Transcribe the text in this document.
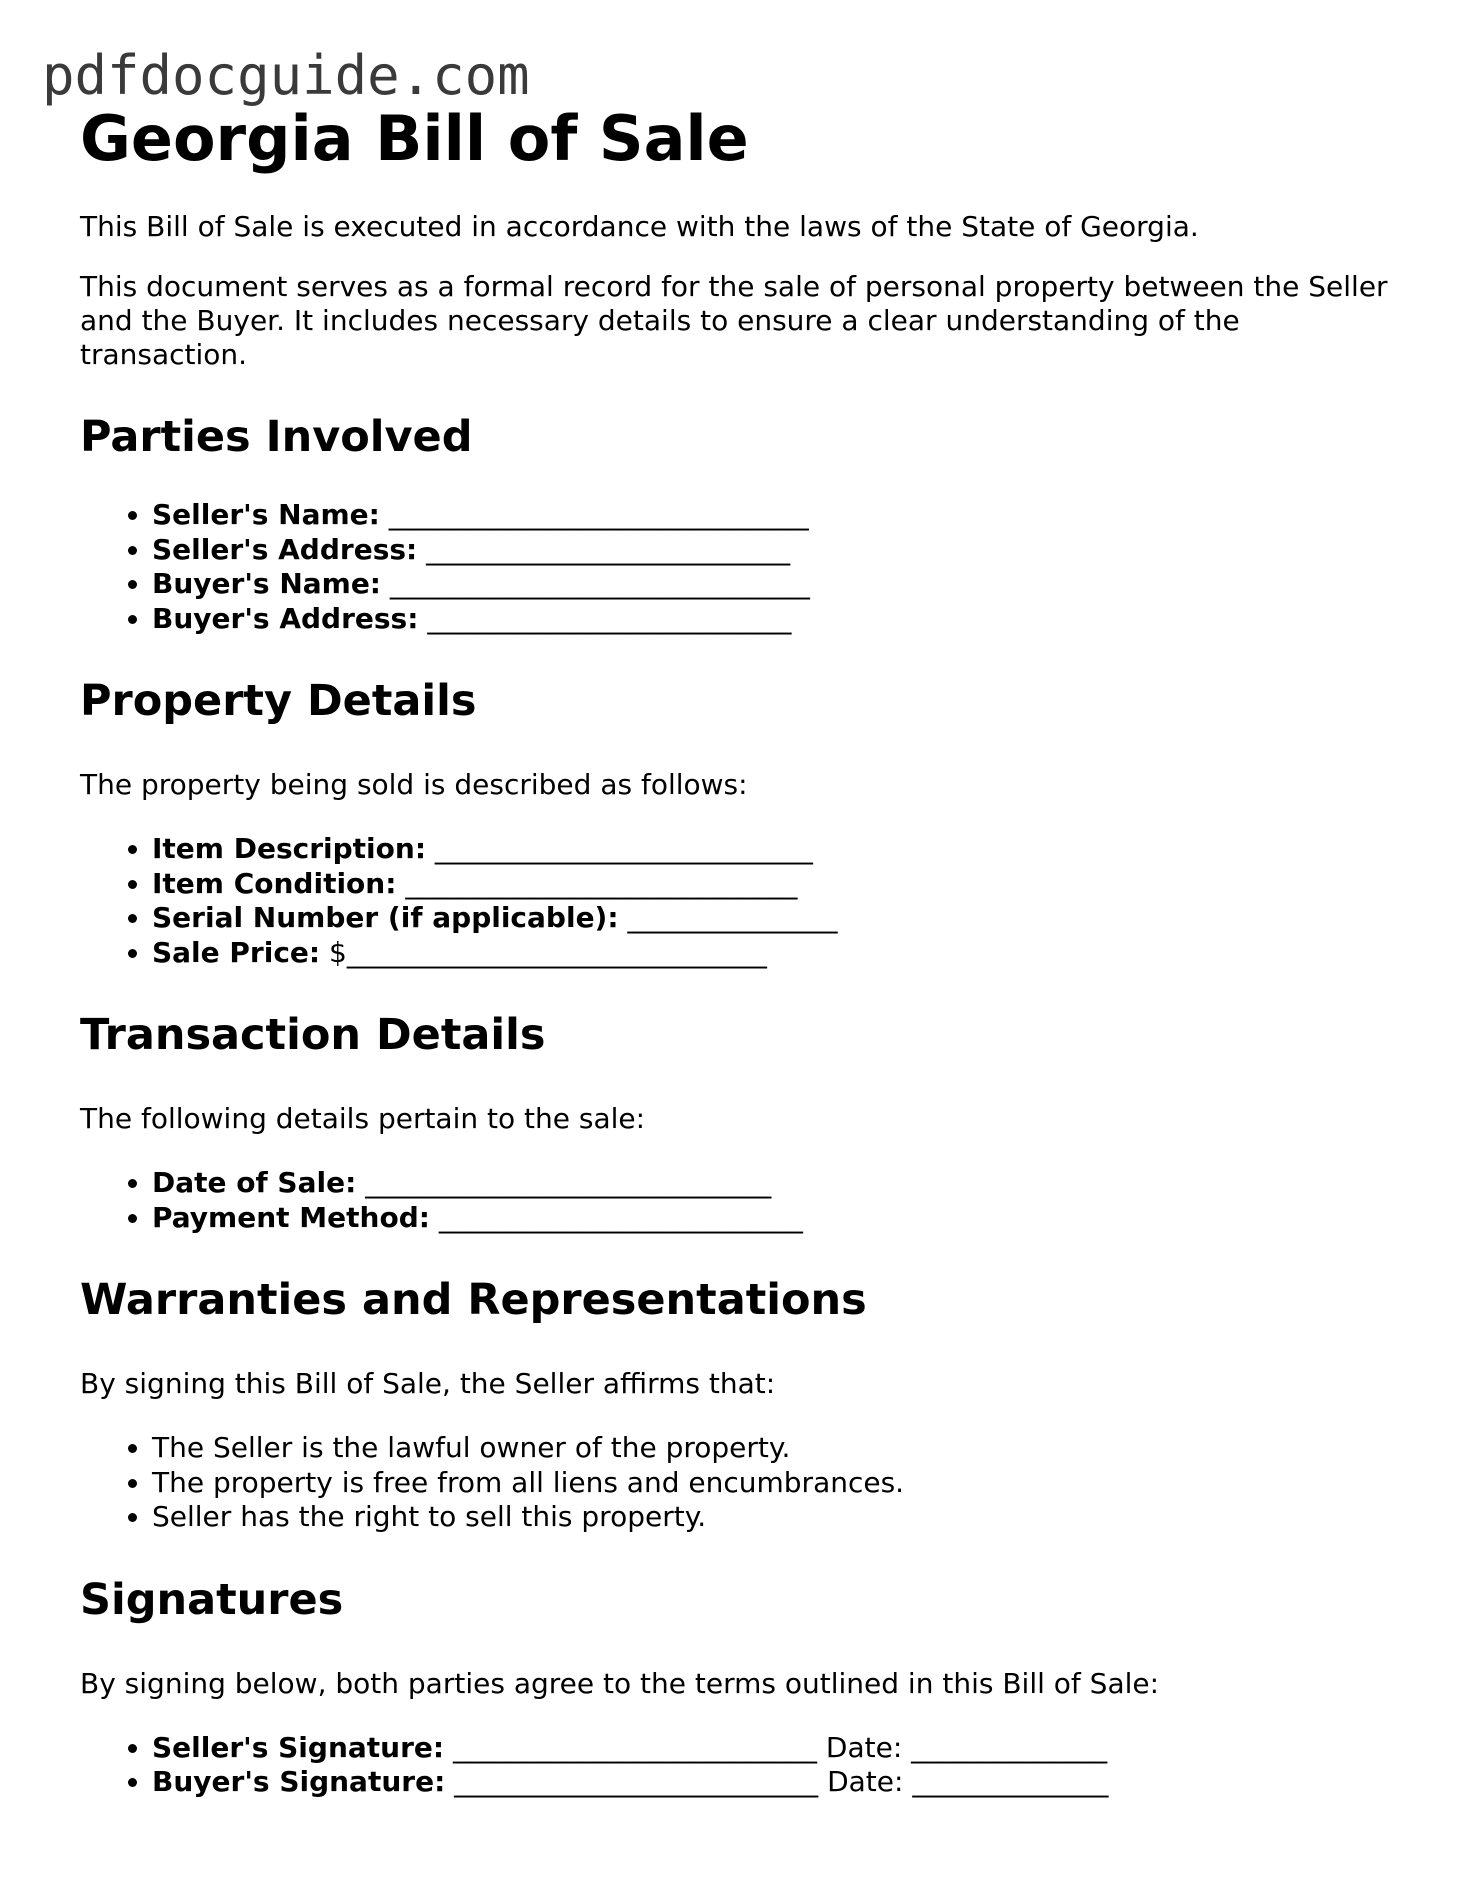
pdfdocguide.com
Georgia Bill of Sale

This Bill of Sale is executed in accordance with the laws of the State of Georgia.

This document serves as a formal record for the sale of personal property between the Seller and the Buyer. It includes necessary details to ensure a clear understanding of the transaction.

Parties Involved
• Seller's Name: ______________________________
• Seller's Address: __________________________
• Buyer's Name: ______________________________
• Buyer's Address: __________________________
Property Details

The property being sold is described as follows:

• Item Description: ___________________________
• Item Condition: ____________________________
• Serial Number (if applicable): _______________
• Sale Price: $______________________________
Transaction Details

The following details pertain to the sale:

• Date of Sale: _____________________________
• Payment Method: __________________________
Warranties and Representations

By signing this Bill of Sale, the Seller affirms that:

• The Seller is the lawful owner of the property.
• The property is free from all liens and encumbrances.
• Seller has the right to sell this property.
Signatures

By signing below, both parties agree to the terms outlined in this Bill of Sale:

• Seller's Signature: __________________________ Date: ______________
• Buyer's Signature: __________________________ Date: ______________
